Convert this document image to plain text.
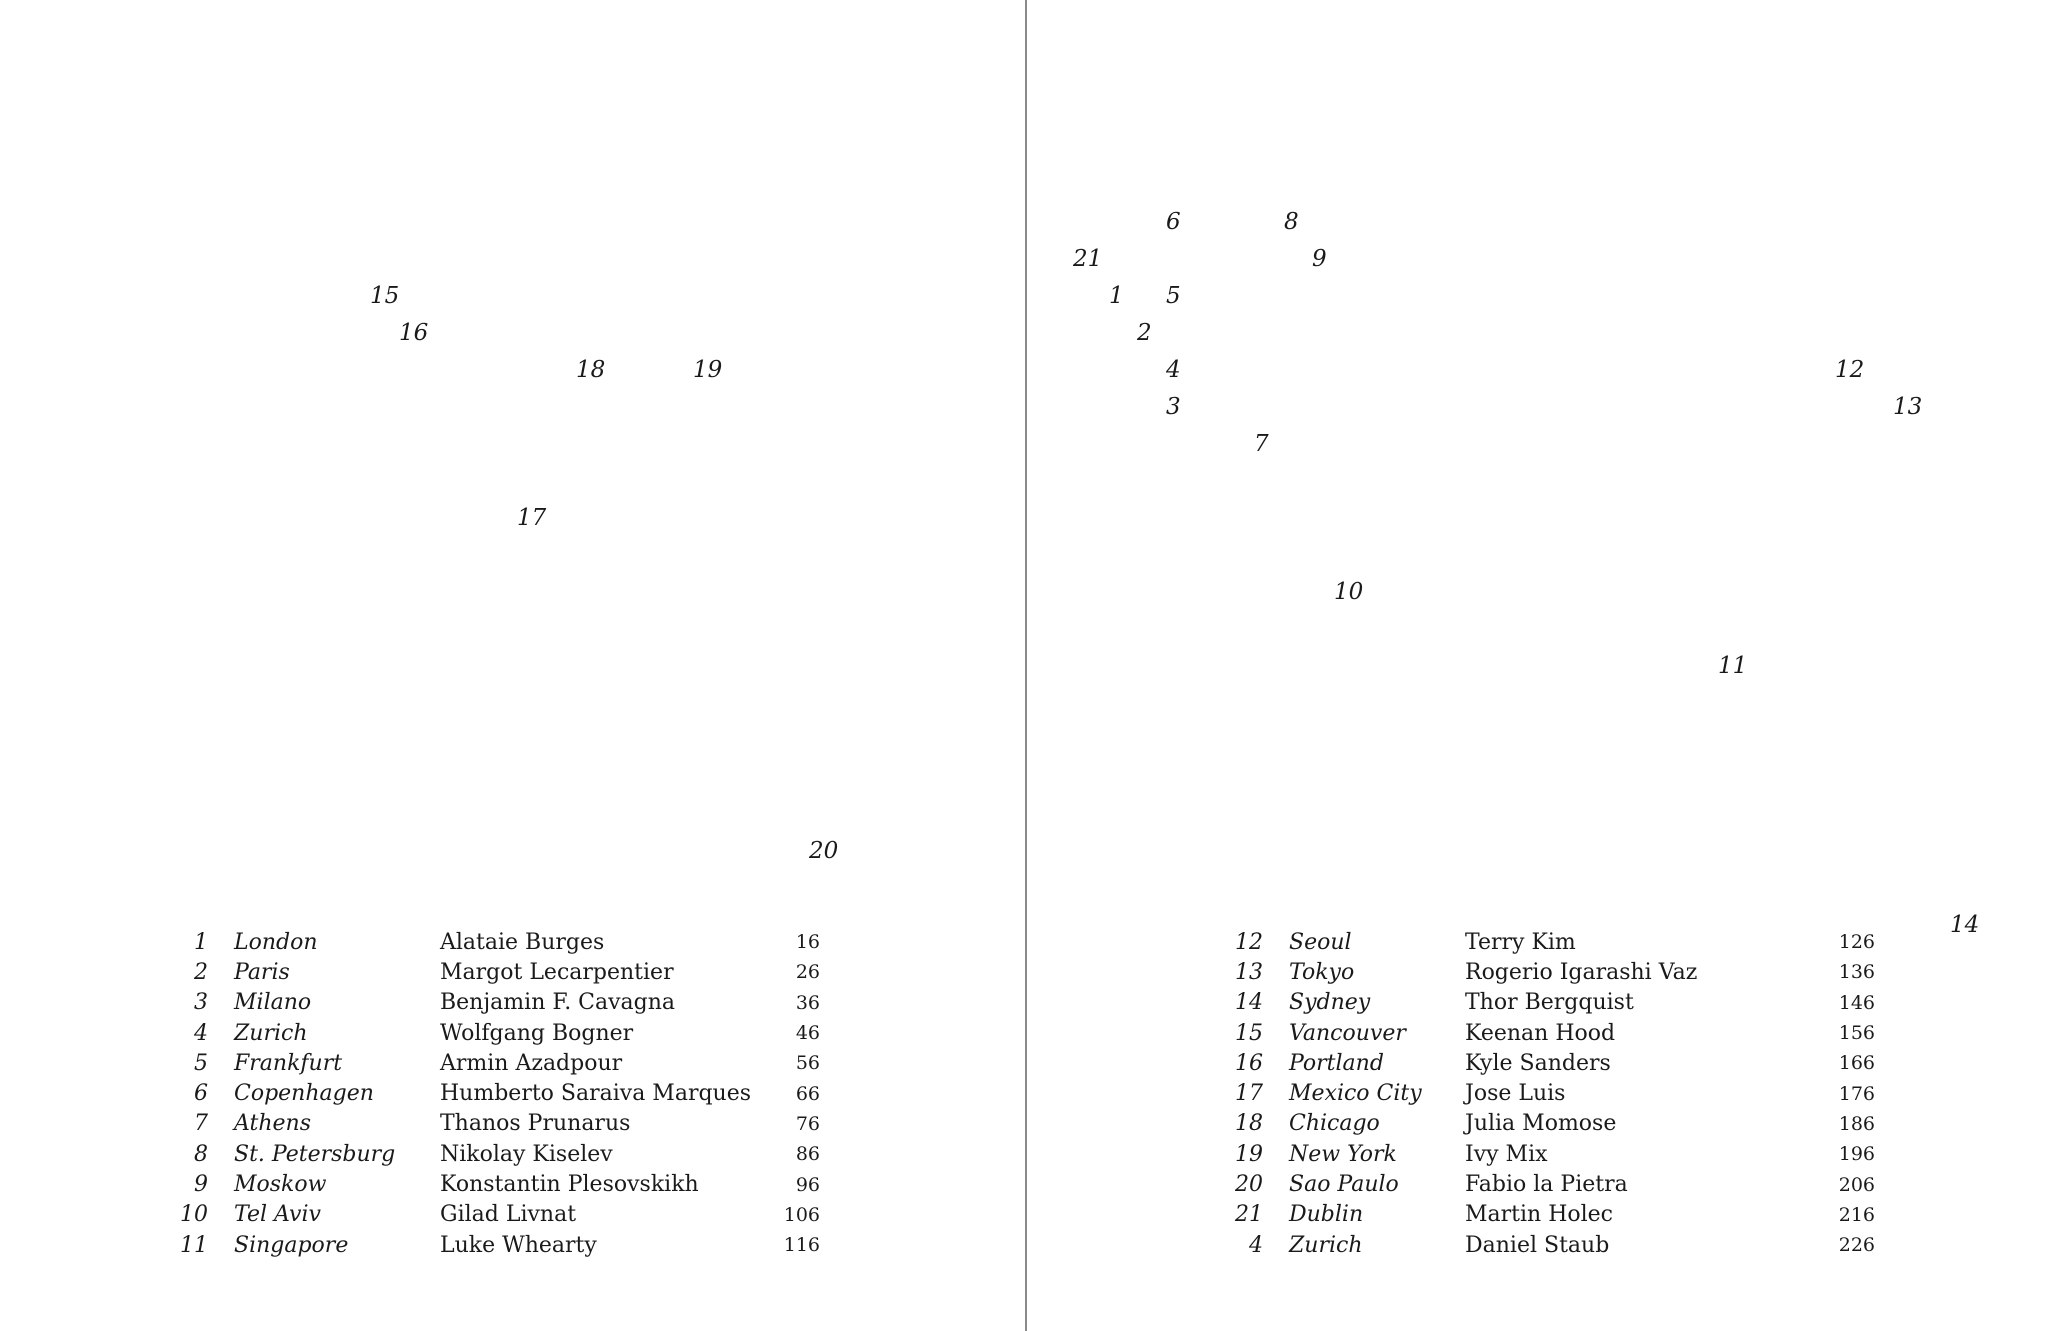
15
16
18	19
17
20
6	8
21	9
1 5
2
4	12
3	13
7
10
11
14
1	London	Alataie Burges	16
2	Paris	Margot Lecarpentier	26
3	Milano	Benjamin F. Cavagna	36
4	Zurich	Wolfgang Bogner	46
5	Frankfurt	Armin Azadpour	56
6	Copenhagen	Humberto Saraiva Marques	66
7	Athens	Thanos Prunarus	76
8	St. Petersburg	Nikolay Kiselev	86
9	Moskow	Konstantin Plesovskikh	96
10	Tel Aviv	Gilad Livnat	106
11	Singapore	Luke Whearty	116
12	Seoul	Terry Kim	126
13	Tokyo	Rogerio Igarashi Vaz	136
14	Sydney	Thor Bergquist	146
15	Vancouver	Keenan Hood	156
16	Portland	Kyle Sanders	166
17	Mexico City	Jose Luis	176
18	Chicago	Julia Momose	186
19	New York	Ivy Mix	196
20	Sao Paulo	Fabio la Pietra	206
21	Dublin	Martin Holec	216
4	Zurich	Daniel Staub	226
